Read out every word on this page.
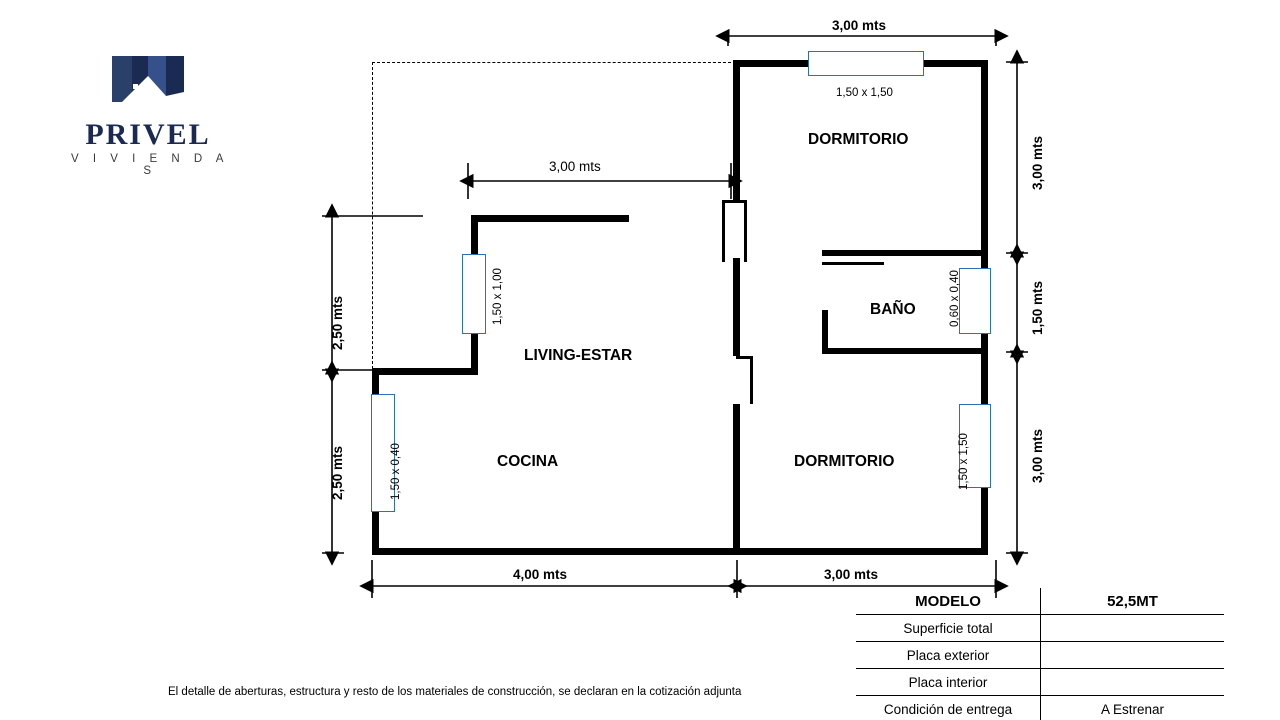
PRIVEL
V I V I E N D A S
DORMITORIO
BAÑO
LIVING-ESTAR
COCINA	DORMITORIO
1,50 x 1,50
1,50 x 1,00	0,60 x 0,40
1,50 x 0,40	1,50 x 1,50
3,00 mts
3,00 mts	3,00 mts
1,50 mts
3,00 mts
2,50 mts
2,50 mts
4,00 mts	3,00 mts
MODELO	52,5MT
Superficie total	
Placa exterior	
Placa interior	
Condición de entrega	A Estrenar
El detalle de aberturas, estructura y resto de los materiales de construcción, se declaran en la cotización adjunta
